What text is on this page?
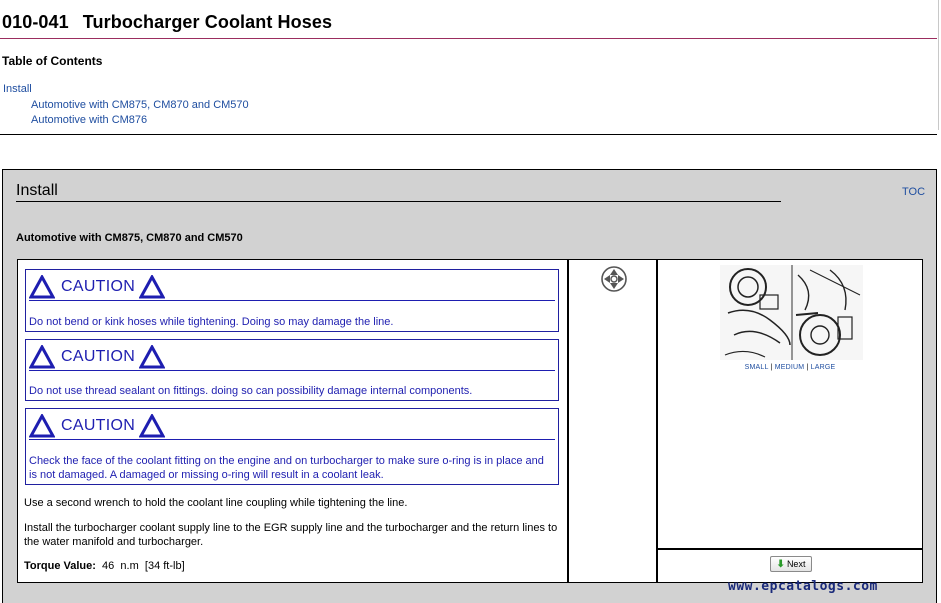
010-041 Turbocharger Coolant Hoses
Table of Contents
Install
Automotive with CM875, CM870 and CM570
Automotive with CM876
Install	TOC
Automotive with CM875, CM870 and CM570
CAUTION
Do not bend or kink hoses while tightening. Doing so may damage the line.
CAUTION
Do not use thread sealant on fittings. doing so can possibility damage internal components.
CAUTION
Check the face of the coolant fitting on the engine and on turbocharger to make sure o-ring is in place and is not damaged. A damaged or missing o-ring will result in a coolant leak.
Use a second wrench to hold the coolant line coupling while tightening the line.
Install the turbocharger coolant supply line to the EGR supply line and the turbocharger and the return lines to the water manifold and turbocharger.
Torque Value: 46 n.m [34 ft-lb]
SMALL | MEDIUM | LARGE
⬇ Next
www.epcatalogs.com
